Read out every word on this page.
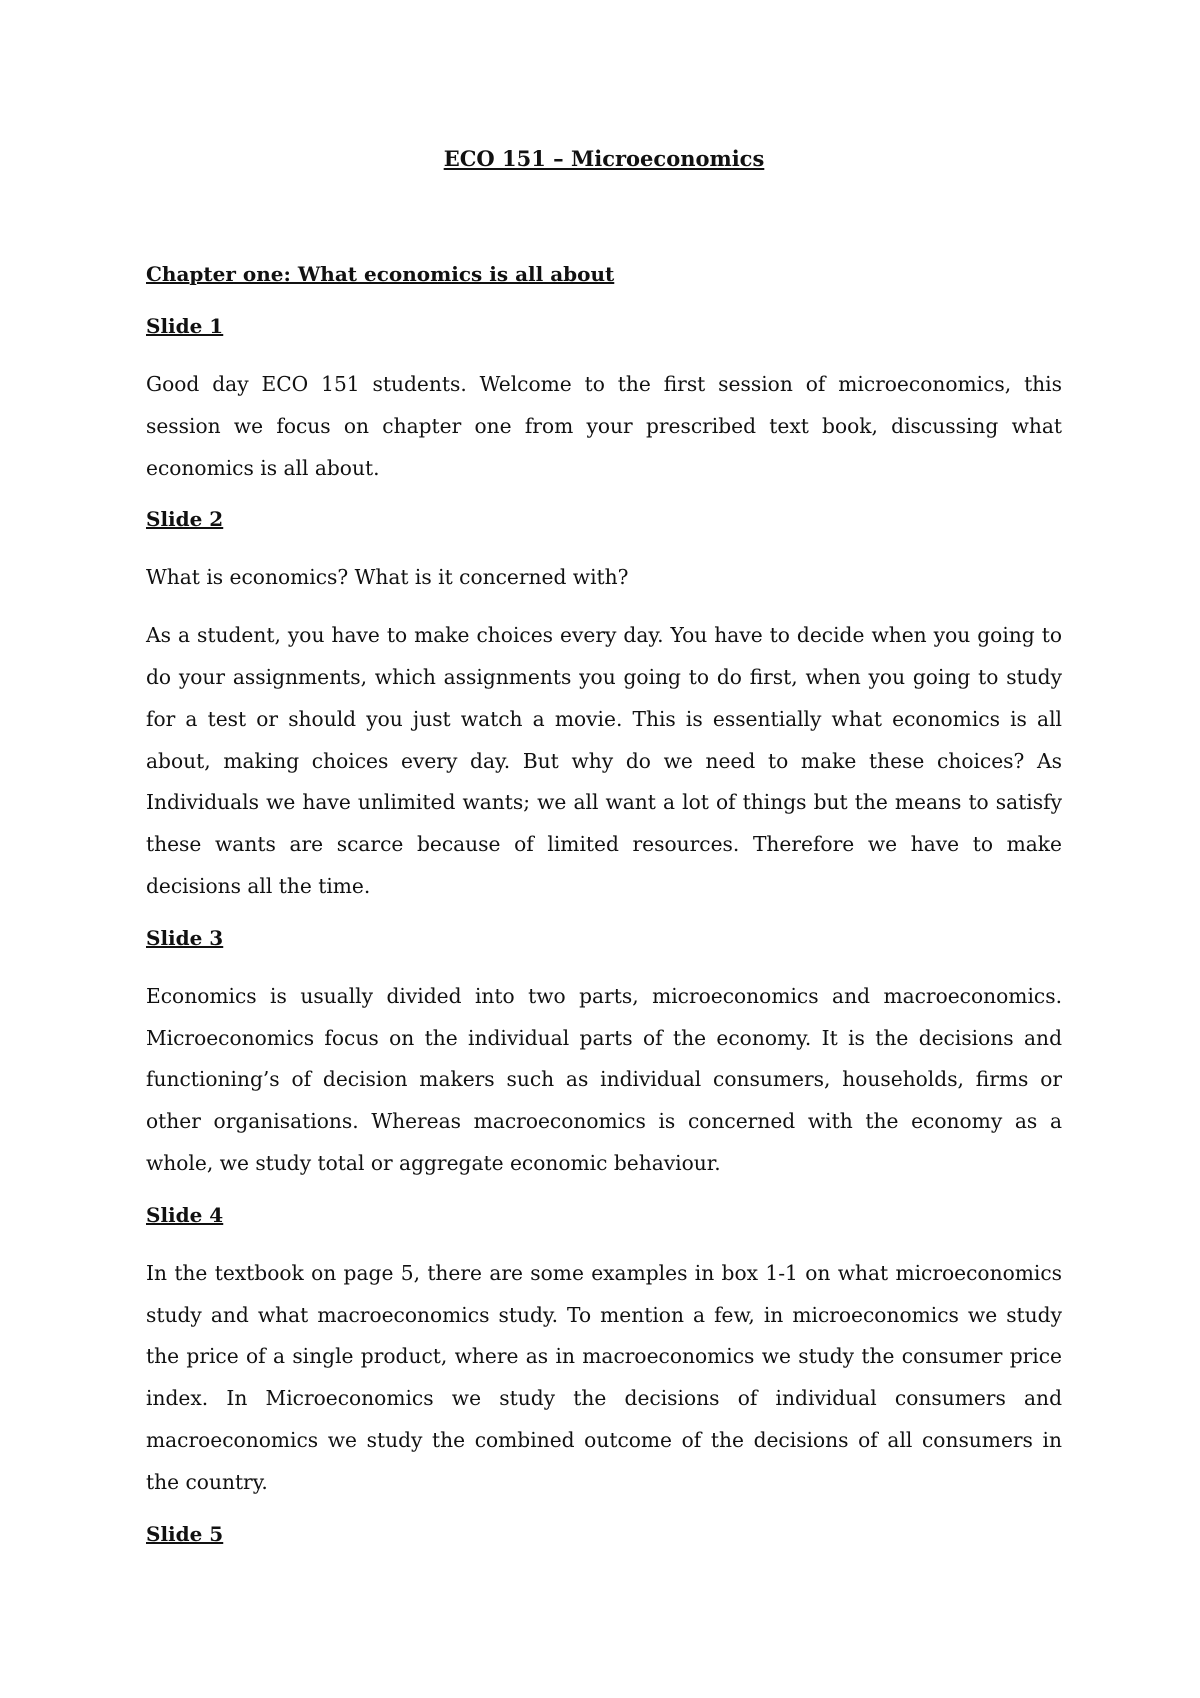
ECO 151 – Microeconomics
Chapter one: What economics is all about
Slide 1

Good day ECO 151 students. Welcome to the first session of microeconomics, this session we focus on chapter one from your prescribed text book, discussing what economics is all about.

Slide 2

What is economics? What is it concerned with?

As a student, you have to make choices every day. You have to decide when you going to do your assignments, which assignments you going to do first, when you going to study for a test or should you just watch a movie. This is essentially what economics is all about, making choices every day. But why do we need to make these choices? As Individuals we have unlimited wants; we all want a lot of things but the means to satisfy these wants are scarce because of limited resources. Therefore we have to make decisions all the time.

Slide 3

Economics is usually divided into two parts, microeconomics and macroeconomics. Microeconomics focus on the individual parts of the economy. It is the decisions and functioning’s of decision makers such as individual consumers, households, firms or other organisations. Whereas macroeconomics is concerned with the economy as a whole, we study total or aggregate economic behaviour.

Slide 4

In the textbook on page 5, there are some examples in box 1-1 on what microeconomics study and what macroeconomics study. To mention a few, in microeconomics we study the price of a single product, where as in macroeconomics we study the consumer price index. In Microeconomics we study the decisions of individual consumers and macroeconomics we study the combined outcome of the decisions of all consumers in the country.

Slide 5
